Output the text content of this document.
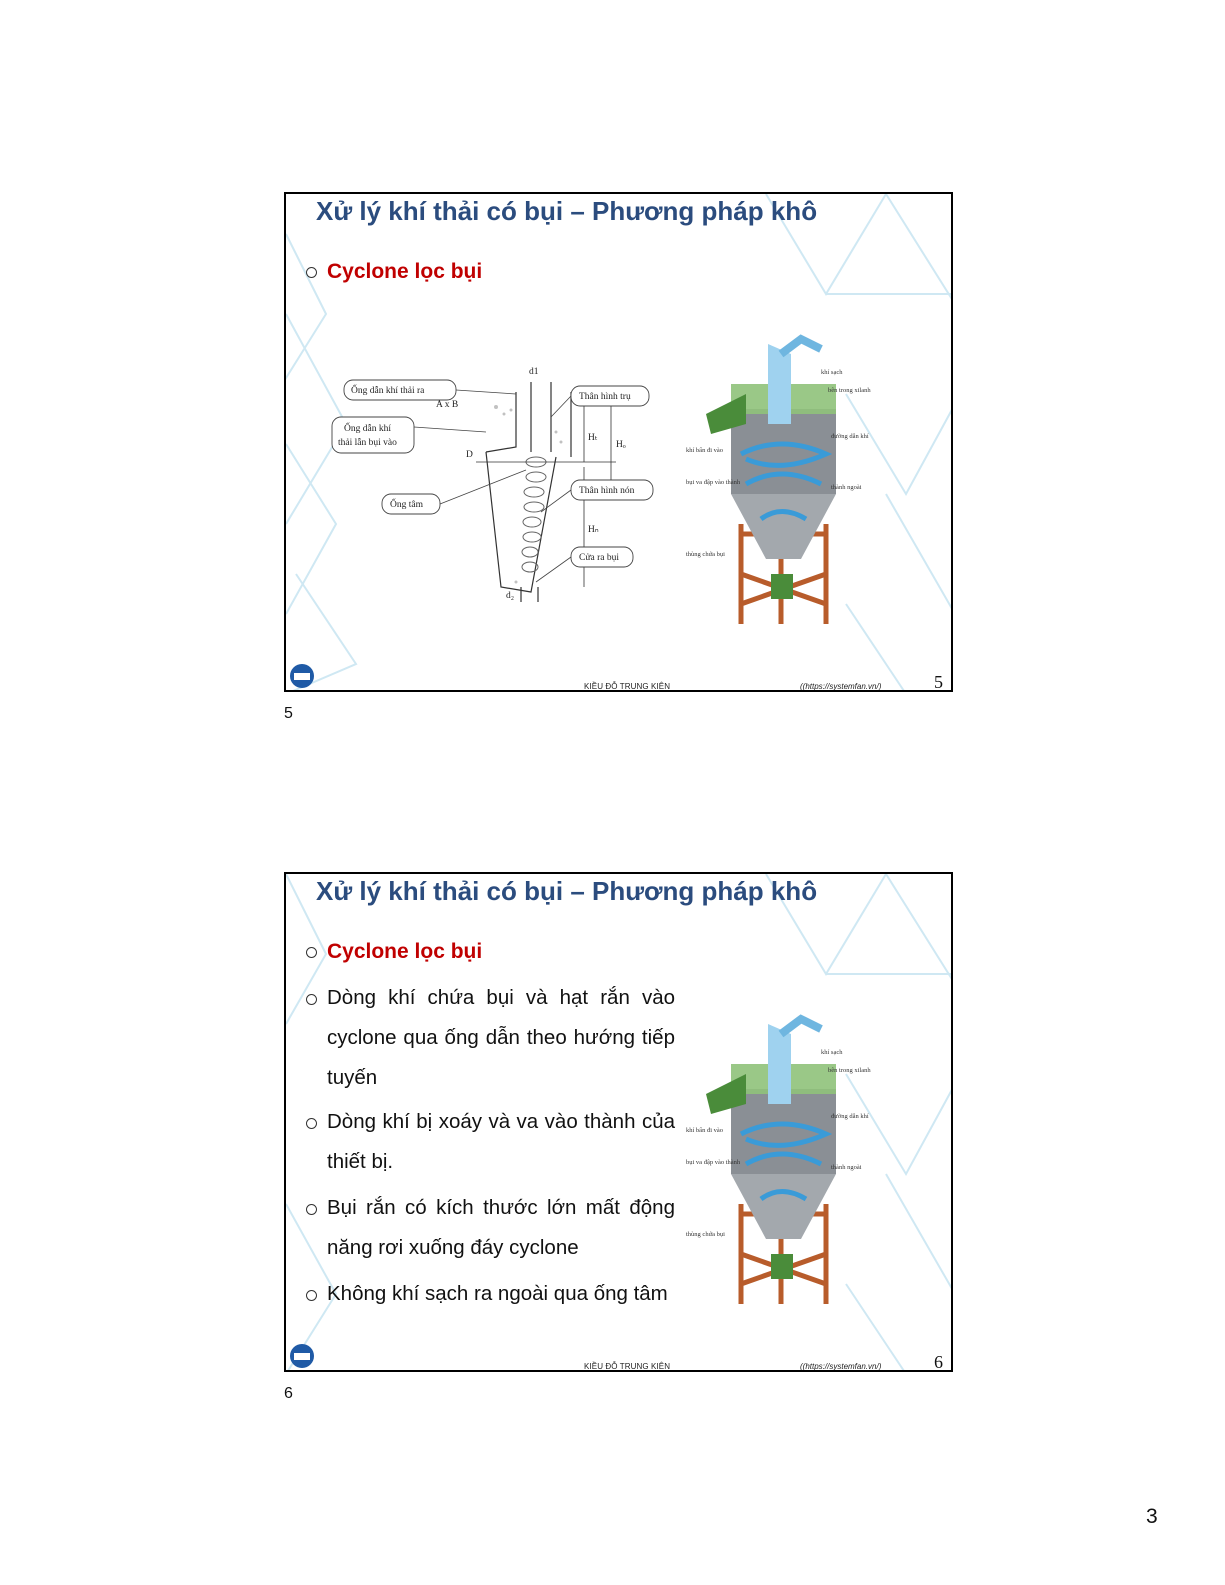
Xử lý khí thải có bụi – Phương pháp khô
Cyclone lọc bụi
d1
A x B
D
Hₜ
Hₒ
Hₙ
d₂
Ống dẫn khí thải ra
Ống dẫn khí
thải lẫn bụi vào
Ống tâm
Thân hình trụ
Thân hình nón
Cửa ra bụi
khí sạch
bên trong xilanh
đường dẫn khí
khí bẩn đi vào
bụi va đập vào thành
thành ngoài
thùng chứa bụi
KIỀU ĐỖ TRUNG KIÊN	((https://systemfan.vn/)	5
5
Xử lý khí thải có bụi – Phương pháp khô
Cyclone lọc bụi
Dòng khí chứa bụi và hạt rắn vào cyclone qua ống dẫn theo hướng tiếp tuyến
Dòng khí bị xoáy và va vào thành của thiết bị.
Bụi rắn có kích thước lớn mất động năng rơi xuống đáy cyclone
Không khí sạch ra ngoài qua ống tâm
khí sạch
bên trong xilanh
đường dẫn khí
khí bẩn đi vào
bụi va đập vào thành
thành ngoài
thùng chứa bụi
KIỀU ĐỖ TRUNG KIÊN	((https://systemfan.vn/)	6
6
3
